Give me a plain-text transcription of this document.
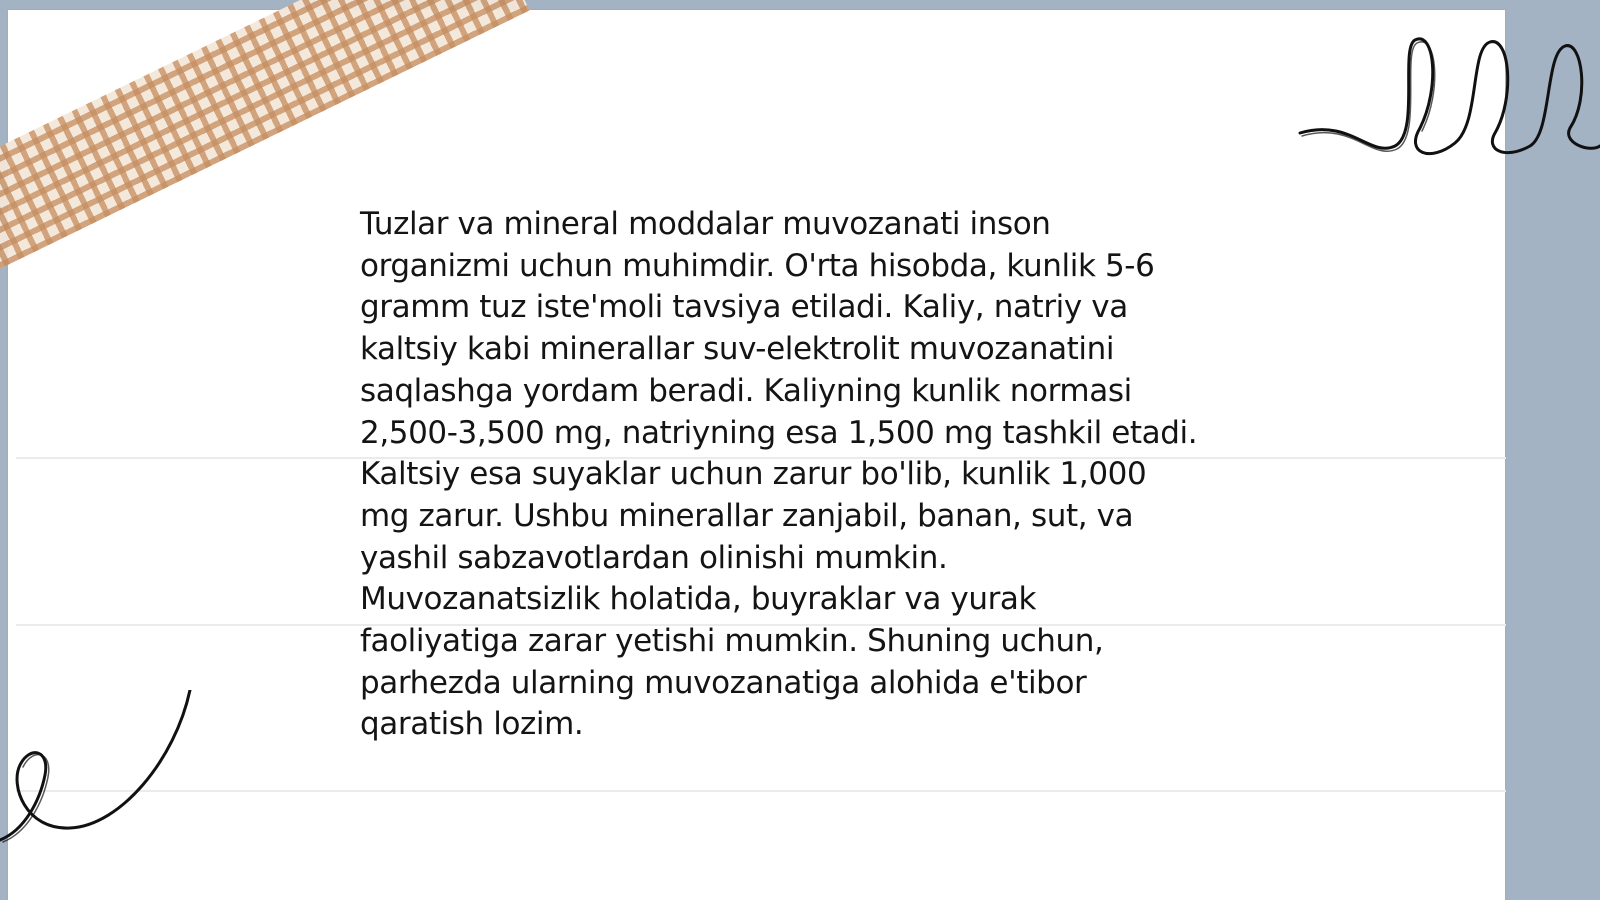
Tuzlar va mineral moddalar muvozanati inson
organizmi uchun muhimdir. O'rta hisobda, kunlik 5-6
gramm tuz iste'moli tavsiya etiladi. Kaliy, natriy va
kaltsiy kabi minerallar suv-elektrolit muvozanatini
saqlashga yordam beradi. Kaliyning kunlik normasi
2,500-3,500 mg, natriyning esa 1,500 mg tashkil etadi.
Kaltsiy esa suyaklar uchun zarur bo'lib, kunlik 1,000
mg zarur. Ushbu minerallar zanjabil, banan, sut, va
yashil sabzavotlardan olinishi mumkin.
Muvozanatsizlik holatida, buyraklar va yurak
faoliyatiga zarar yetishi mumkin. Shuning uchun,
parhezda ularning muvozanatiga alohida e'tibor
qaratish lozim.
